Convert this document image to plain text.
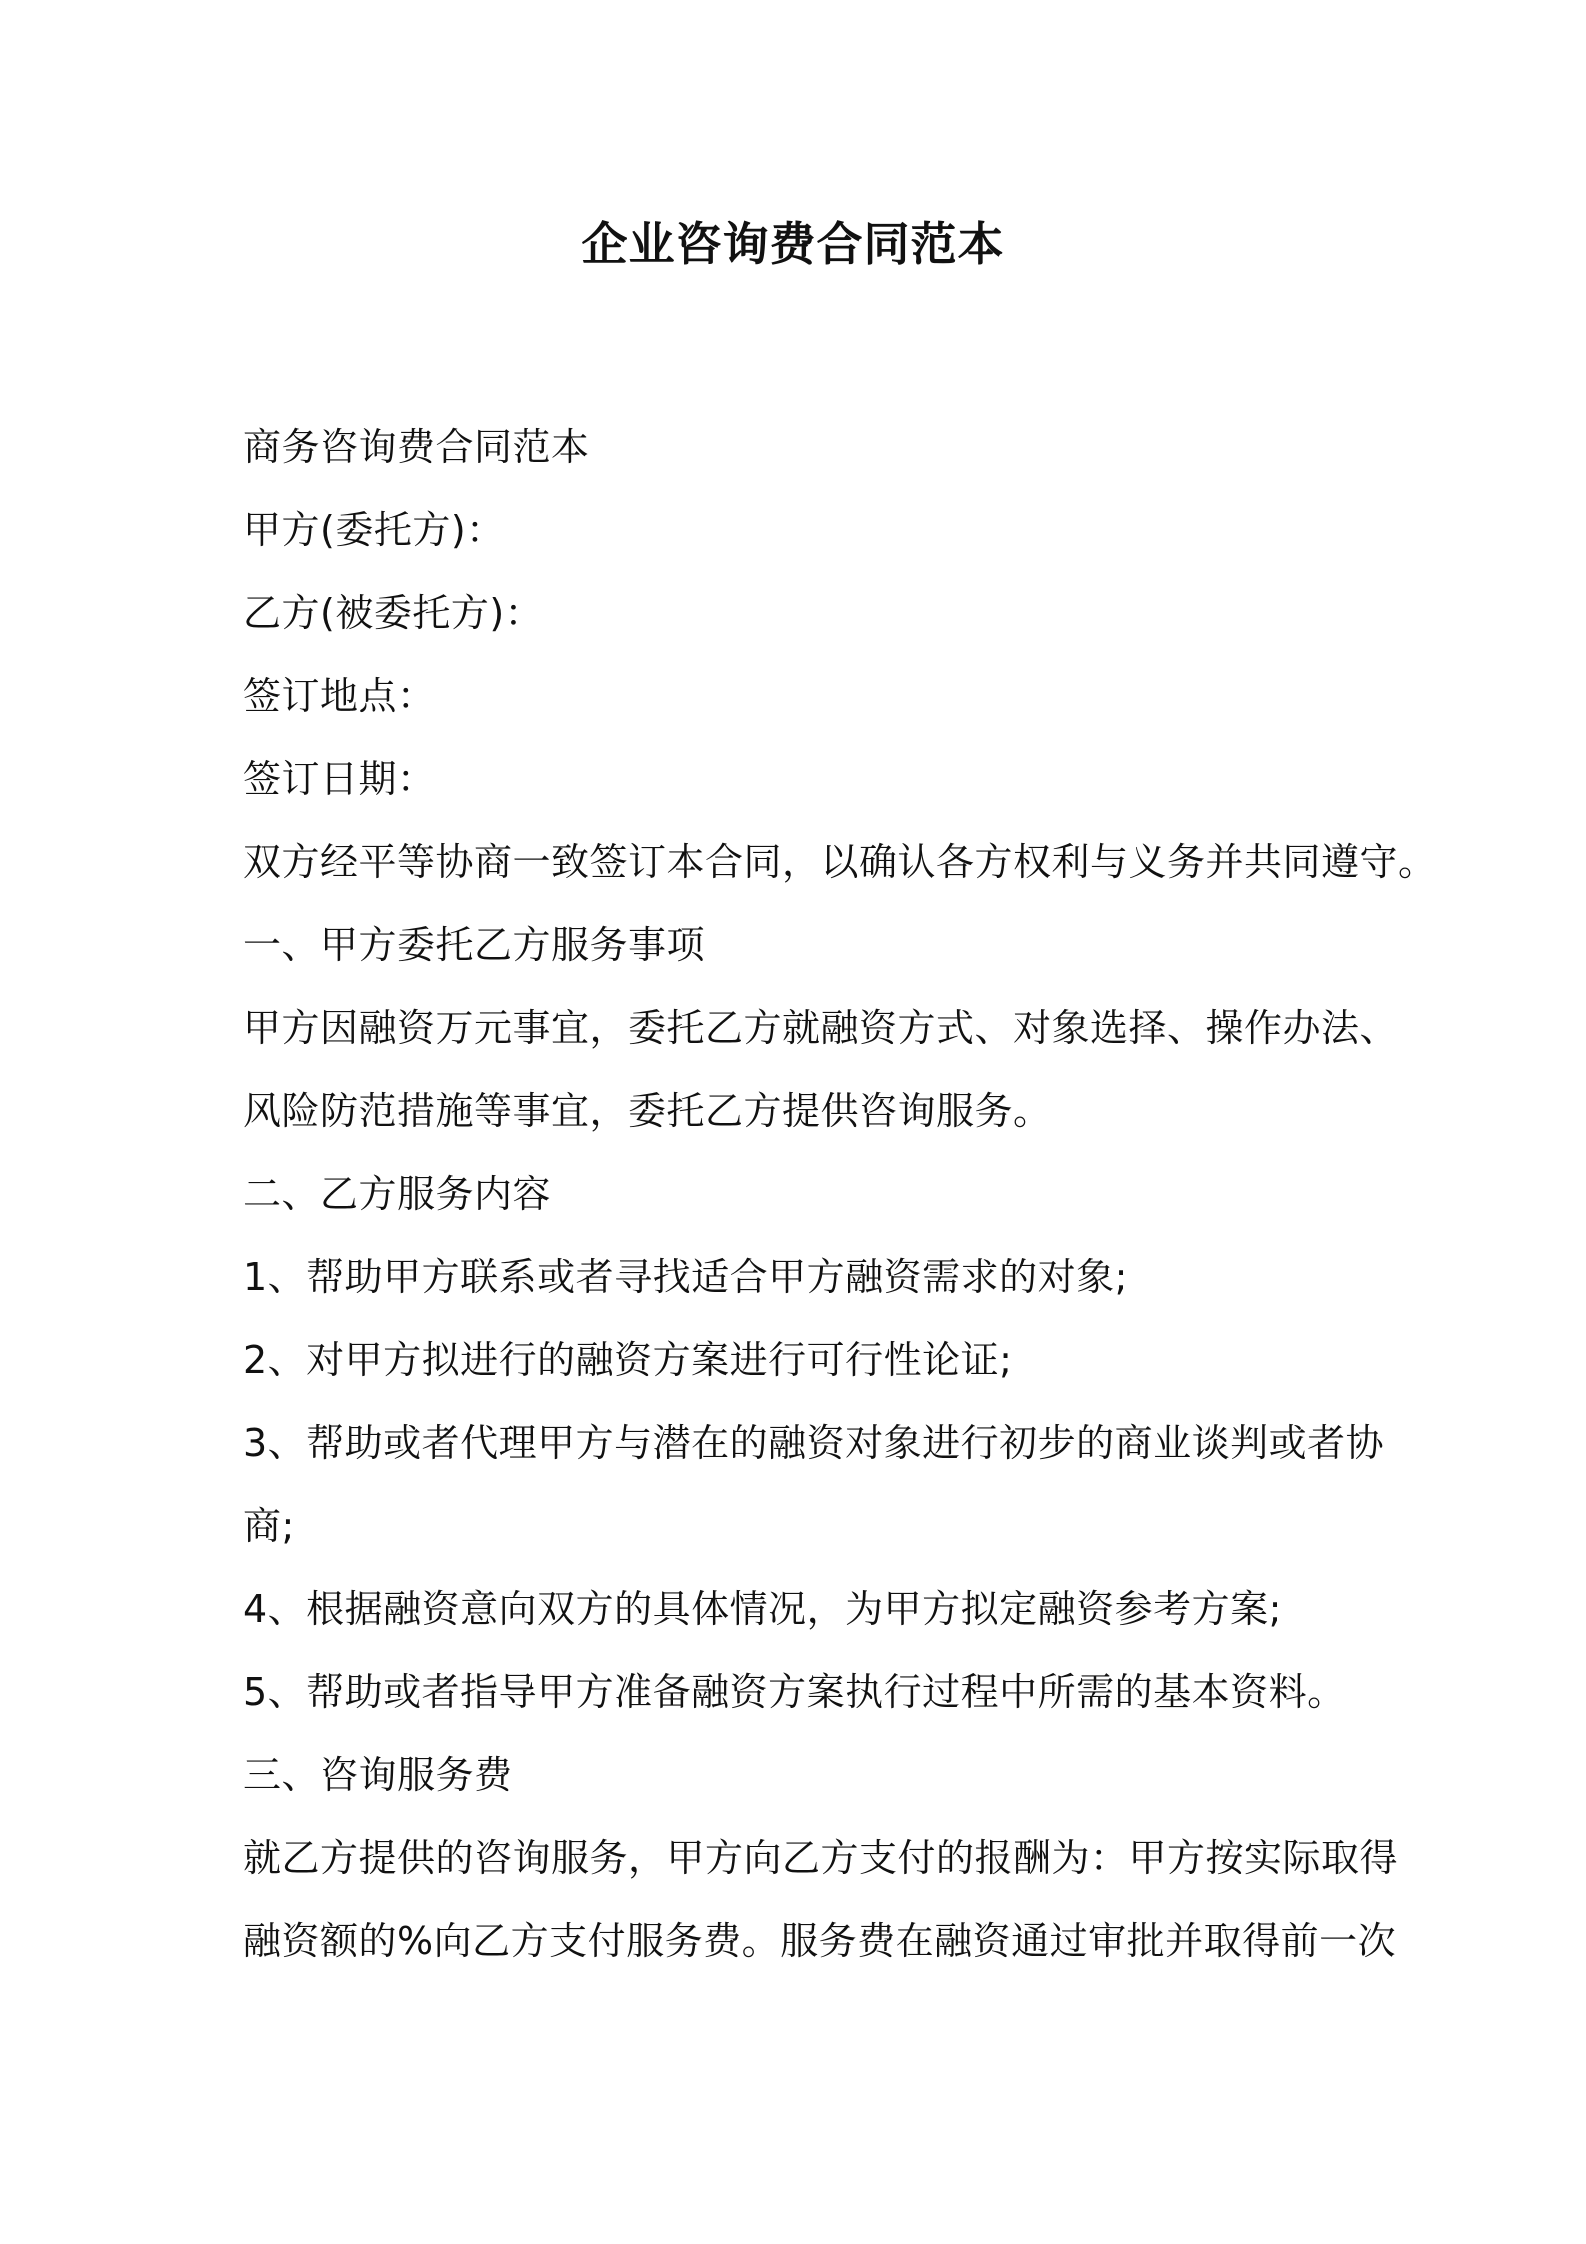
企业咨询费合同范本
商务咨询费合同范本
甲方(委托方)：
乙方(被委托方)：
签订地点：
签订日期：
双方经平等协商一致签订本合同，以确认各方权利与义务并共同遵守。
一、甲方委托乙方服务事项
甲方因融资万元事宜，委托乙方就融资方式、对象选择、操作办法、
风险防范措施等事宜，委托乙方提供咨询服务。
二、乙方服务内容
1、帮助甲方联系或者寻找适合甲方融资需求的对象;
2、对甲方拟进行的融资方案进行可行性论证;
3、帮助或者代理甲方与潜在的融资对象进行初步的商业谈判或者协
商;
4、根据融资意向双方的具体情况，为甲方拟定融资参考方案;
5、帮助或者指导甲方准备融资方案执行过程中所需的基本资料。
三、咨询服务费
就乙方提供的咨询服务，甲方向乙方支付的报酬为：甲方按实际取得
融资额的%向乙方支付服务费。服务费在融资通过审批并取得前一次
